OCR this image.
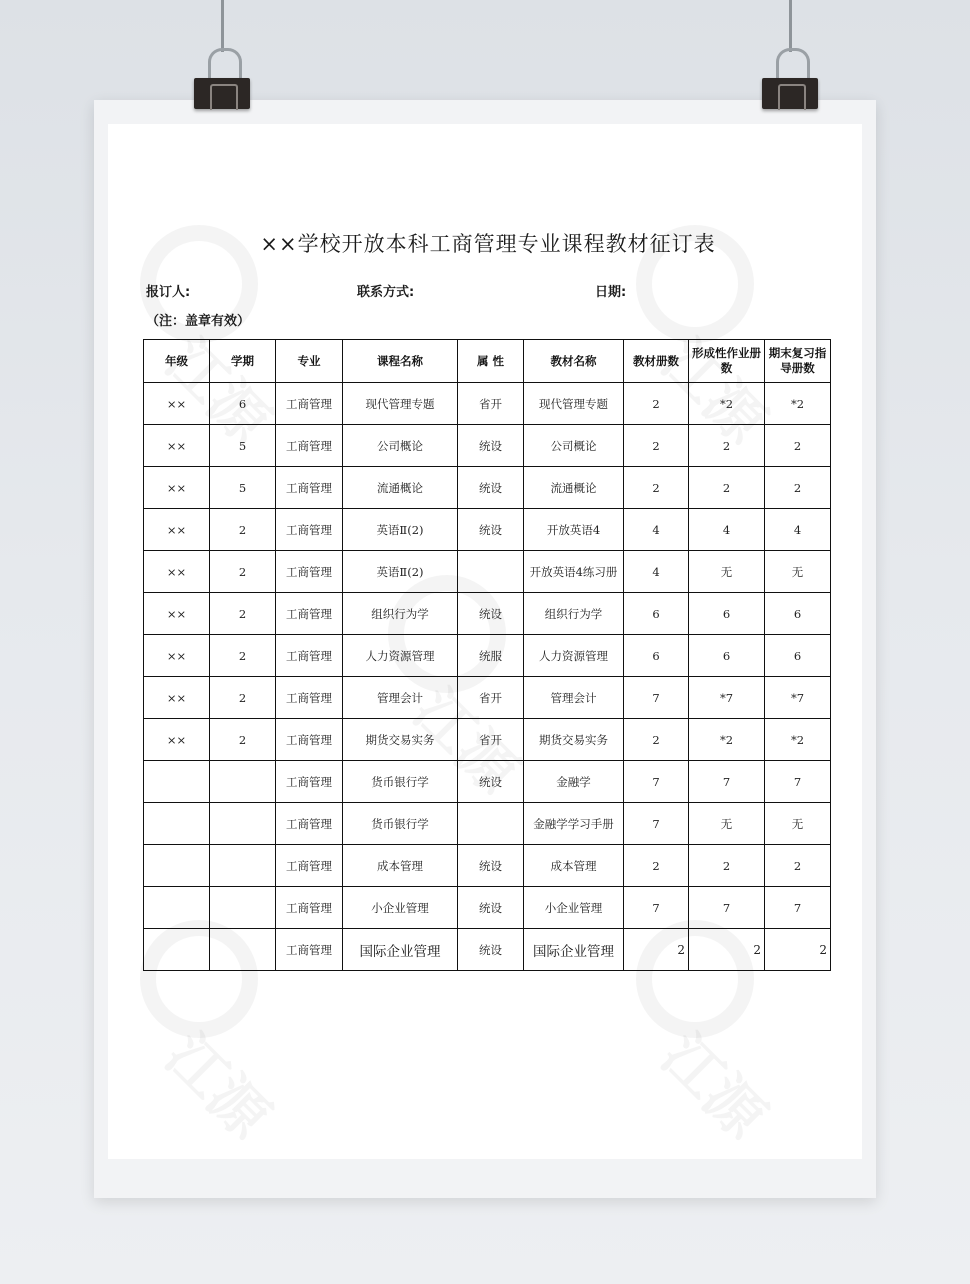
××学校开放本科工商管理专业课程教材征订表
报订人:	联系方式:	日期:
（注：盖章有效）
年级	学期	专业	课程名称	属 性	教材名称	教材册数	形成性作业册数	期末复习指导册数
××	6	工商管理	现代管理专题	省开	现代管理专题	2	*2	*2
××	5	工商管理	公司概论	统设	公司概论	2	2	2
××	5	工商管理	流通概论	统设	流通概论	2	2	2
××	2	工商管理	英语Ⅱ(2)	统设	开放英语4	4	4	4
××	2	工商管理	英语Ⅱ(2)		开放英语4练习册	4	无	无
××	2	工商管理	组织行为学	统设	组织行为学	6	6	6
××	2	工商管理	人力资源管理	统服	人力资源管理	6	6	6
××	2	工商管理	管理会计	省开	管理会计	7	*7	*7
××	2	工商管理	期货交易实务	省开	期货交易实务	2	*2	*2
		工商管理	货币银行学	统设	金融学	7	7	7
		工商管理	货币银行学		金融学学习手册	7	无	无
		工商管理	成本管理	统设	成本管理	2	2	2
		工商管理	小企业管理	统设	小企业管理	7	7	7
		工商管理	国际企业管理	统设	国际企业管理	2	2	2
